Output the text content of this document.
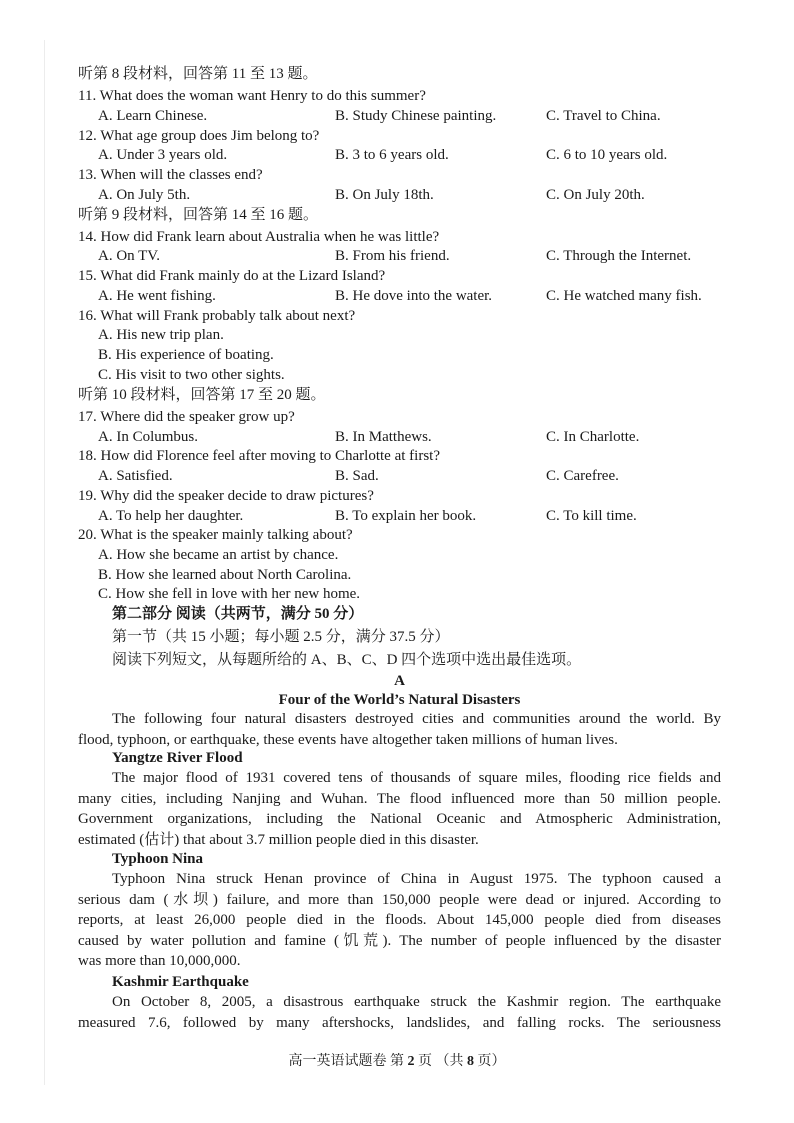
听第 8 段材料，回答第 11 至 13 题。
11. What does the woman want Henry to do this summer?
A. Learn Chinese.	B. Study Chinese painting.	C. Travel to China.
12. What age group does Jim belong to?
A. Under 3 years old.	B. 3 to 6 years old.	C. 6 to 10 years old.
13. When will the classes end?
A. On July 5th.	B. On July 18th.	C. On July 20th.
听第 9 段材料，回答第 14 至 16 题。
14. How did Frank learn about Australia when he was little?
A. On TV.	B. From his friend.	C. Through the Internet.
15. What did Frank mainly do at the Lizard Island?
A. He went fishing.	B. He dove into the water.	C. He watched many fish.
16. What will Frank probably talk about next?
A. His new trip plan.
B. His experience of boating.
C. His visit to two other sights.
听第 10 段材料，回答第 17 至 20 题。
17. Where did the speaker grow up?
A. In Columbus.	B. In Matthews.	C. In Charlotte.
18. How did Florence feel after moving to Charlotte at first?
A. Satisfied.	B. Sad.	C. Carefree.
19. Why did the speaker decide to draw pictures?
A. To help her daughter.	B. To explain her book.	C. To kill time.
20. What is the speaker mainly talking about?
A. How she became an artist by chance.
B. How she learned about North Carolina.
C. How she fell in love with her new home.
第二部分 阅读（共两节，满分 50 分）
第一节（共 15 小题；每小题 2.5 分，满分 37.5 分）
阅读下列短文，从每题所给的 A、B、C、D 四个选项中选出最佳选项。
A
Four of the World’s Natural Disasters
The following four natural disasters destroyed cities and communities around the world. By
flood, typhoon, or earthquake, these events have altogether taken millions of human lives.
Yangtze River Flood
The major flood of 1931 covered tens of thousands of square miles, flooding rice fields and
many cities, including Nanjing and Wuhan. The flood influenced more than 50 million people.
Government organizations, including the National Oceanic and Atmospheric Administration,
estimated (估计) that about 3.7 million people died in this disaster.
Typhoon Nina
Typhoon Nina struck Henan province of China in August 1975. The typhoon caused a
serious dam (水坝) failure, and more than 150,000 people were dead or injured. According to
reports, at least 26,000 people died in the floods. About 145,000 people died from diseases
caused by water pollution and famine (饥荒). The number of people influenced by the disaster
was more than 10,000,000.
Kashmir Earthquake
On October 8, 2005, a disastrous earthquake struck the Kashmir region. The earthquake
measured 7.6, followed by many aftershocks, landslides, and falling rocks. The seriousness
高一英语试题卷 第 2 页 （共 8 页）
